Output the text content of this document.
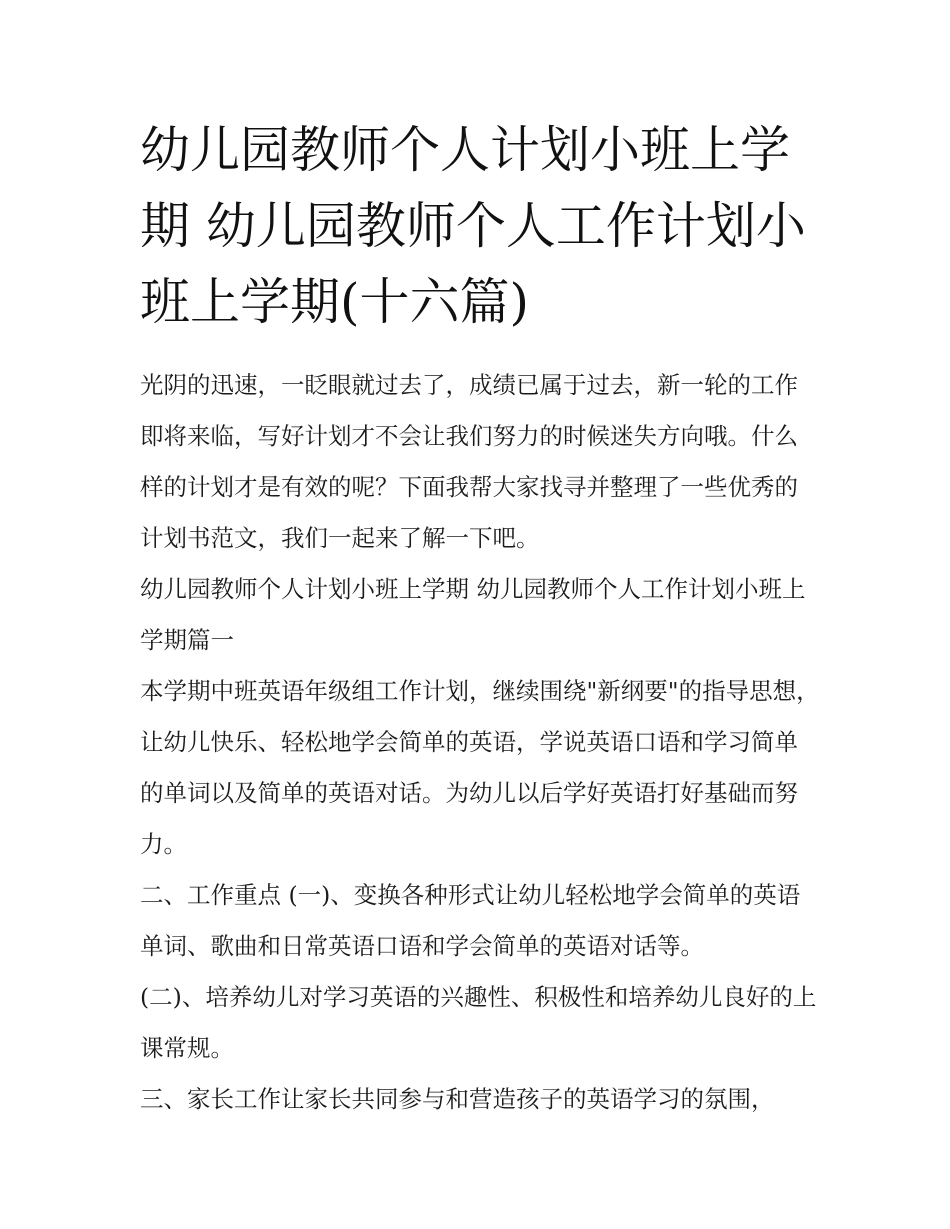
幼儿园教师个人计划小班上学期 幼儿园教师个人工作计划小班上学期(十六篇)

光阴的迅速，一眨眼就过去了，成绩已属于过去，新一轮的工作即将来临，写好计划才不会让我们努力的时候迷失方向哦。什么样的计划才是有效的呢？下面我帮大家找寻并整理了一些优秀的计划书范文，我们一起来了解一下吧。

幼儿园教师个人计划小班上学期 幼儿园教师个人工作计划小班上学期篇一

本学期中班英语年级组工作计划，继续围绕"新纲要"的指导思想，让幼儿快乐、轻松地学会简单的英语，学说英语口语和学习简单的单词以及简单的英语对话。为幼儿以后学好英语打好基础而努力。

二、工作重点 (一)、变换各种形式让幼儿轻松地学会简单的英语单词、歌曲和日常英语口语和学会简单的英语对话等。

(二)、培养幼儿对学习英语的兴趣性、积极性和培养幼儿良好的上课常规。

三、家长工作让家长共同参与和营造孩子的英语学习的氛围，
